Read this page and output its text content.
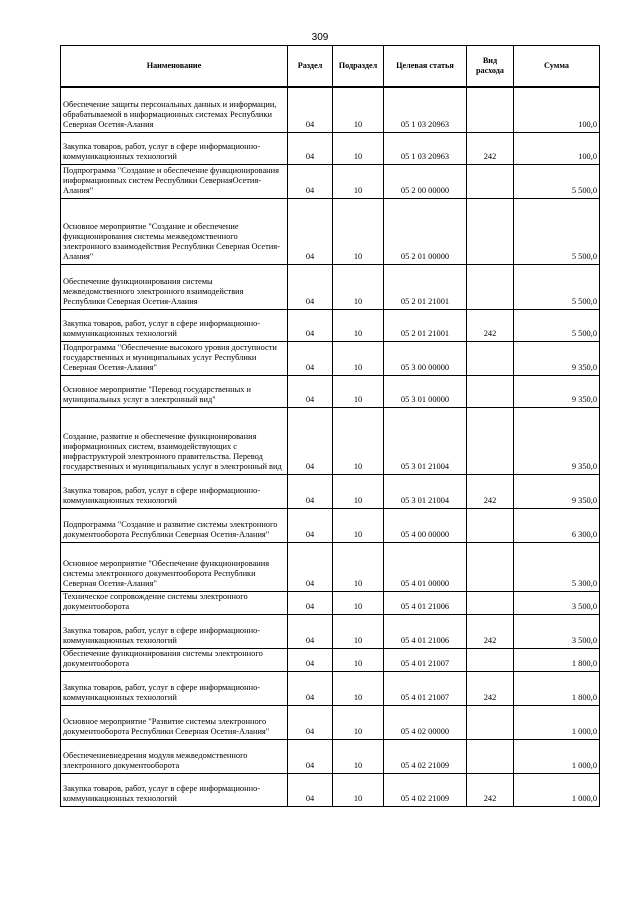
309
Наименование	Раздел	Подраздел	Целевая статья	Вид расхода	Сумма
Обеспечение защиты персональных данных и информации, обрабатываемой в информационных системах Республики Северная Осетия-Алания	04	10	05 1 03 20963		100,0
Закупка товаров, работ, услуг в сфере информационно-коммуникационных технологий	04	10	05 1 03 20963	242	100,0
Подпрограмма "Создание и обеспечение функционирования информационных систем Республики СевернаяОсетия-Алания"	04	10	05 2 00 00000		5 500,0
Основное мероприятие "Создание и обеспечение функционирования системы межведомственного электронного взаимодействия Республики Северная Осетия-Алания"	04	10	05 2 01 00000		5 500,0
Обеспечение функционирования системы межведомственного электронного взаимодействия Республики Северная Осетия-Алания	04	10	05 2 01 21001		5 500,0
Закупка товаров, работ, услуг в сфере информационно-коммуникационных технологий	04	10	05 2 01 21001	242	5 500,0
Подпрограмма "Обеспечение высокого уровня доступности государственных и муниципальных услуг Республики Северная Осетия-Алания"	04	10	05 3 00 00000		9 350,0
Основное мероприятие "Перевод государственных и муниципальных услуг в электронный вид"	04	10	05 3 01 00000		9 350,0
Создание, развитие и обеспечение функционирования информационных систем, взаимодействующих с инфраструктурой электронного правительства. Перевод государственных и муниципальных услуг в электронный вид	04	10	05 3 01 21004		9 350,0
Закупка товаров, работ, услуг в сфере информационно-коммуникационных технологий	04	10	05 3 01 21004	242	9 350,0
Подпрограмма "Создание и развитие системы электронного документооборота Республики Северная Осетия-Алания"	04	10	05 4 00 00000		6 300,0
Основное мероприятие "Обеспечение функционирования системы электронного документооборота Республики Северная Осетия-Алания"	04	10	05 4 01 00000		5 300,0
Техническое сопровождение системы электронного документооборота	04	10	05 4 01 21006		3 500,0
Закупка товаров, работ, услуг в сфере информационно-коммуникационных технологий	04	10	05 4 01 21006	242	3 500,0
Обеспечение функционирования системы электронного документооборота	04	10	05 4 01 21007		1 800,0
Закупка товаров, работ, услуг в сфере информационно-коммуникационных технологий	04	10	05 4 01 21007	242	1 800,0
Основное мероприятие "Развитие системы электронного документооборота Республики Северная Осетия-Алания"	04	10	05 4 02 00000		1 000,0
Обеспечениевнедрения модуля межведомственного электронного документооборота	04	10	05 4 02 21009		1 000,0
Закупка товаров, работ, услуг в сфере информационно-коммуникационных технологий	04	10	05 4 02 21009	242	1 000,0
